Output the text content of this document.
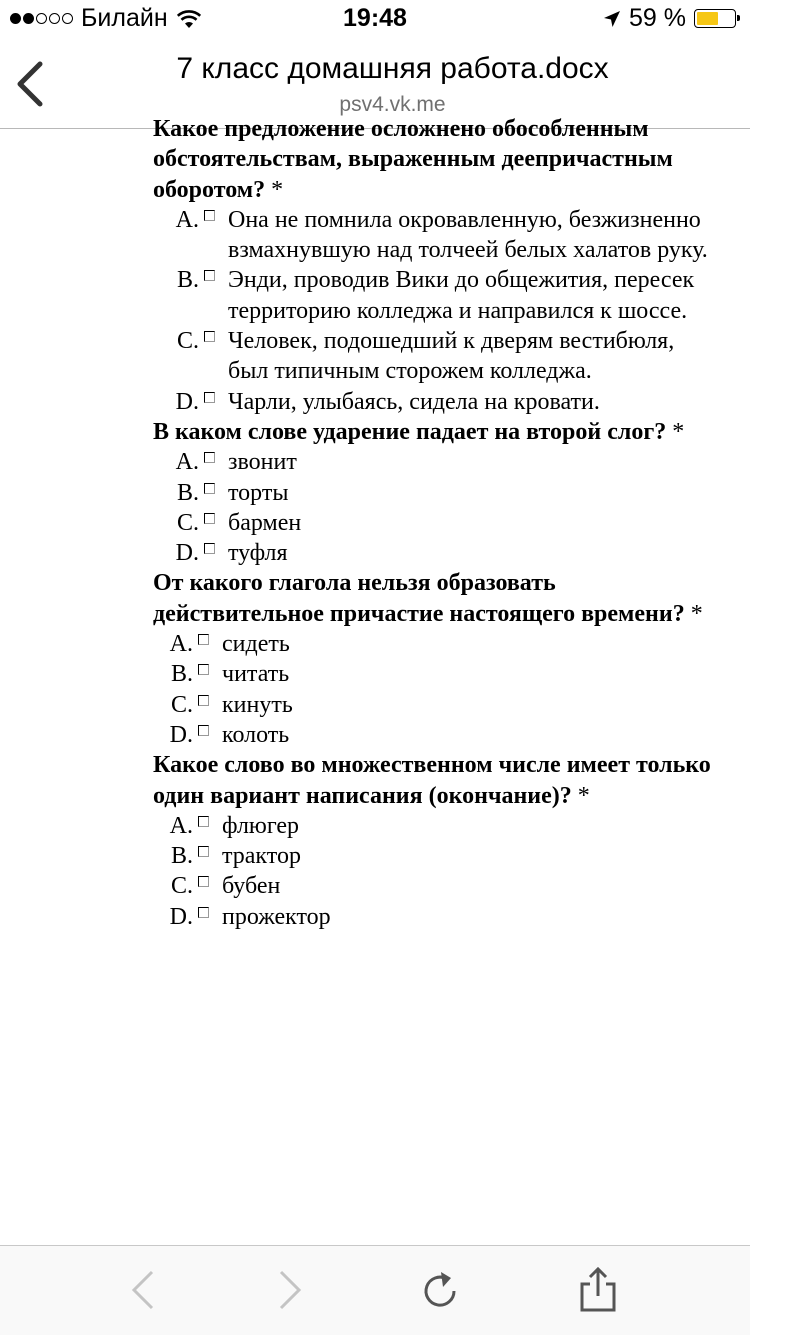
Билайн	19:48	59 %
7 класс домашняя работа.docx
psv4.vk.me

Какое предложение осложнено обособленным обстоятельствам, выраженным деепричастным оборотом? *

A. Она не помнила окровавленную, безжизненно взмахнувшую над толчеей белых халатов руку.
B. Энди, проводив Вики до общежития, пересек территорию колледжа и направился к шоссе.
C. Человек, подошедший к дверям вестибюля, был типичным сторожем колледжа.
D. Чарли, улыбаясь, сидела на кровати.

В каком слове ударение падает на второй слог? *

A. звонит
B. торты
C. бармен
D. туфля

От какого глагола нельзя образовать действительное причастие настоящего времени? *

A. сидеть
B. читать
C. кинуть
D. колоть

Какое слово во множественном числе имеет только один вариант написания (окончание)? *

A. флюгер
B. трактор
C. бубен
D. прожектор
